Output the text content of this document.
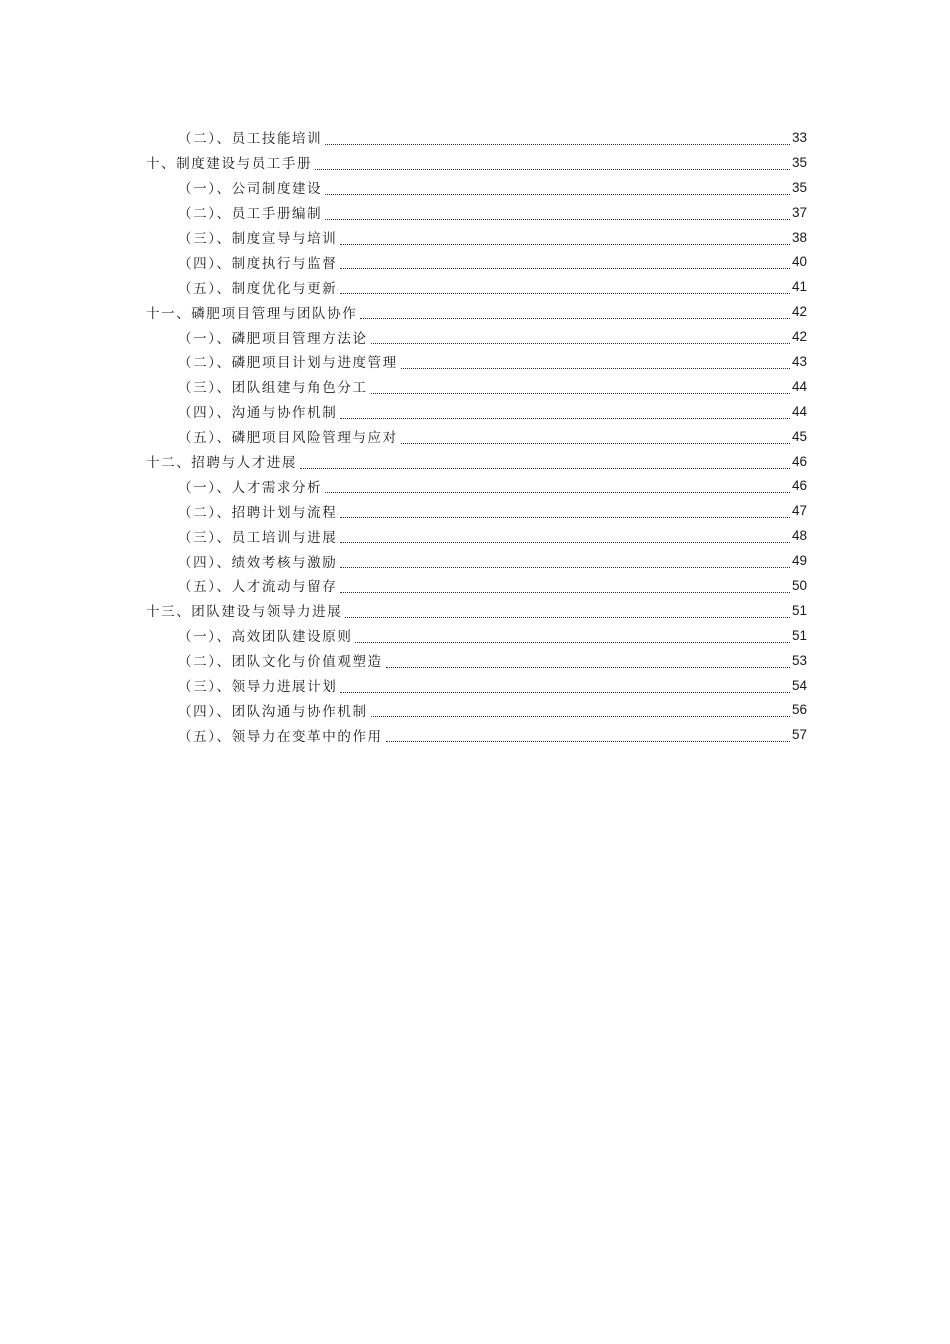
（二）、员工技能培训	33
十、制度建设与员工手册	35
（一）、公司制度建设	35
（二）、员工手册编制	37
（三）、制度宣导与培训	38
（四）、制度执行与监督	40
（五）、制度优化与更新	41
十一、磷肥项目管理与团队协作	42
（一）、磷肥项目管理方法论	42
（二）、磷肥项目计划与进度管理	43
（三）、团队组建与角色分工	44
（四）、沟通与协作机制	44
（五）、磷肥项目风险管理与应对	45
十二、招聘与人才进展	46
（一）、人才需求分析	46
（二）、招聘计划与流程	47
（三）、员工培训与进展	48
（四）、绩效考核与激励	49
（五）、人才流动与留存	50
十三、团队建设与领导力进展	51
（一）、高效团队建设原则	51
（二）、团队文化与价值观塑造	53
（三）、领导力进展计划	54
（四）、团队沟通与协作机制	56
（五）、领导力在变革中的作用	57
